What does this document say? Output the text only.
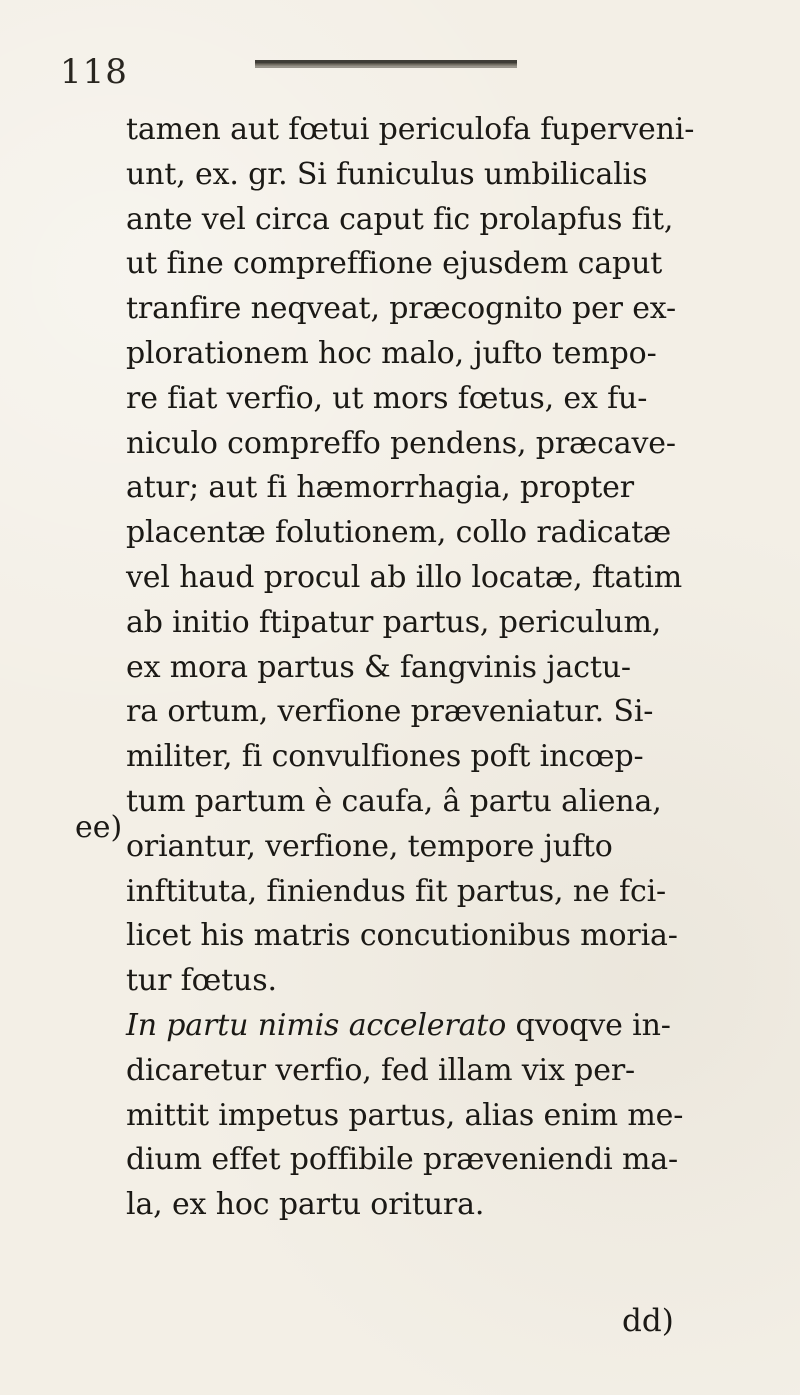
118
tamen aut fœtui periculofa fuperveni-
unt, ex. gr. Si funiculus umbilicalis
ante vel circa caput fic prolapfus fit,
ut fine compreffione ejusdem caput
tranfire neqveat, præcognito per ex-
plorationem hoc malo, jufto tempo-
re fiat verfio, ut mors fœtus, ex fu-
niculo compreffo pendens, præcave-
atur; aut fi hæmorrhagia, propter
placentæ folutionem, collo radicatæ
vel haud procul ab illo locatæ, ftatim
ab initio ftipatur partus, periculum,
ex mora partus & fangvinis jactu-
ra ortum, verfione præveniatur. Si-
militer, fi convulfiones poft incœp-
tum partum è caufa, â partu aliena,
oriantur, verfione, tempore jufto
inftituta, finiendus fit partus, ne fci-
licet his matris concutionibus moria-
tur fœtus.
In partu nimis accelerato qvoqve in-
dicaretur verfio, fed illam vix per-
mittit impetus partus, alias enim me-
dium effet poffibile præveniendi ma-
la, ex hoc partu oritura.
ee)
dd)
